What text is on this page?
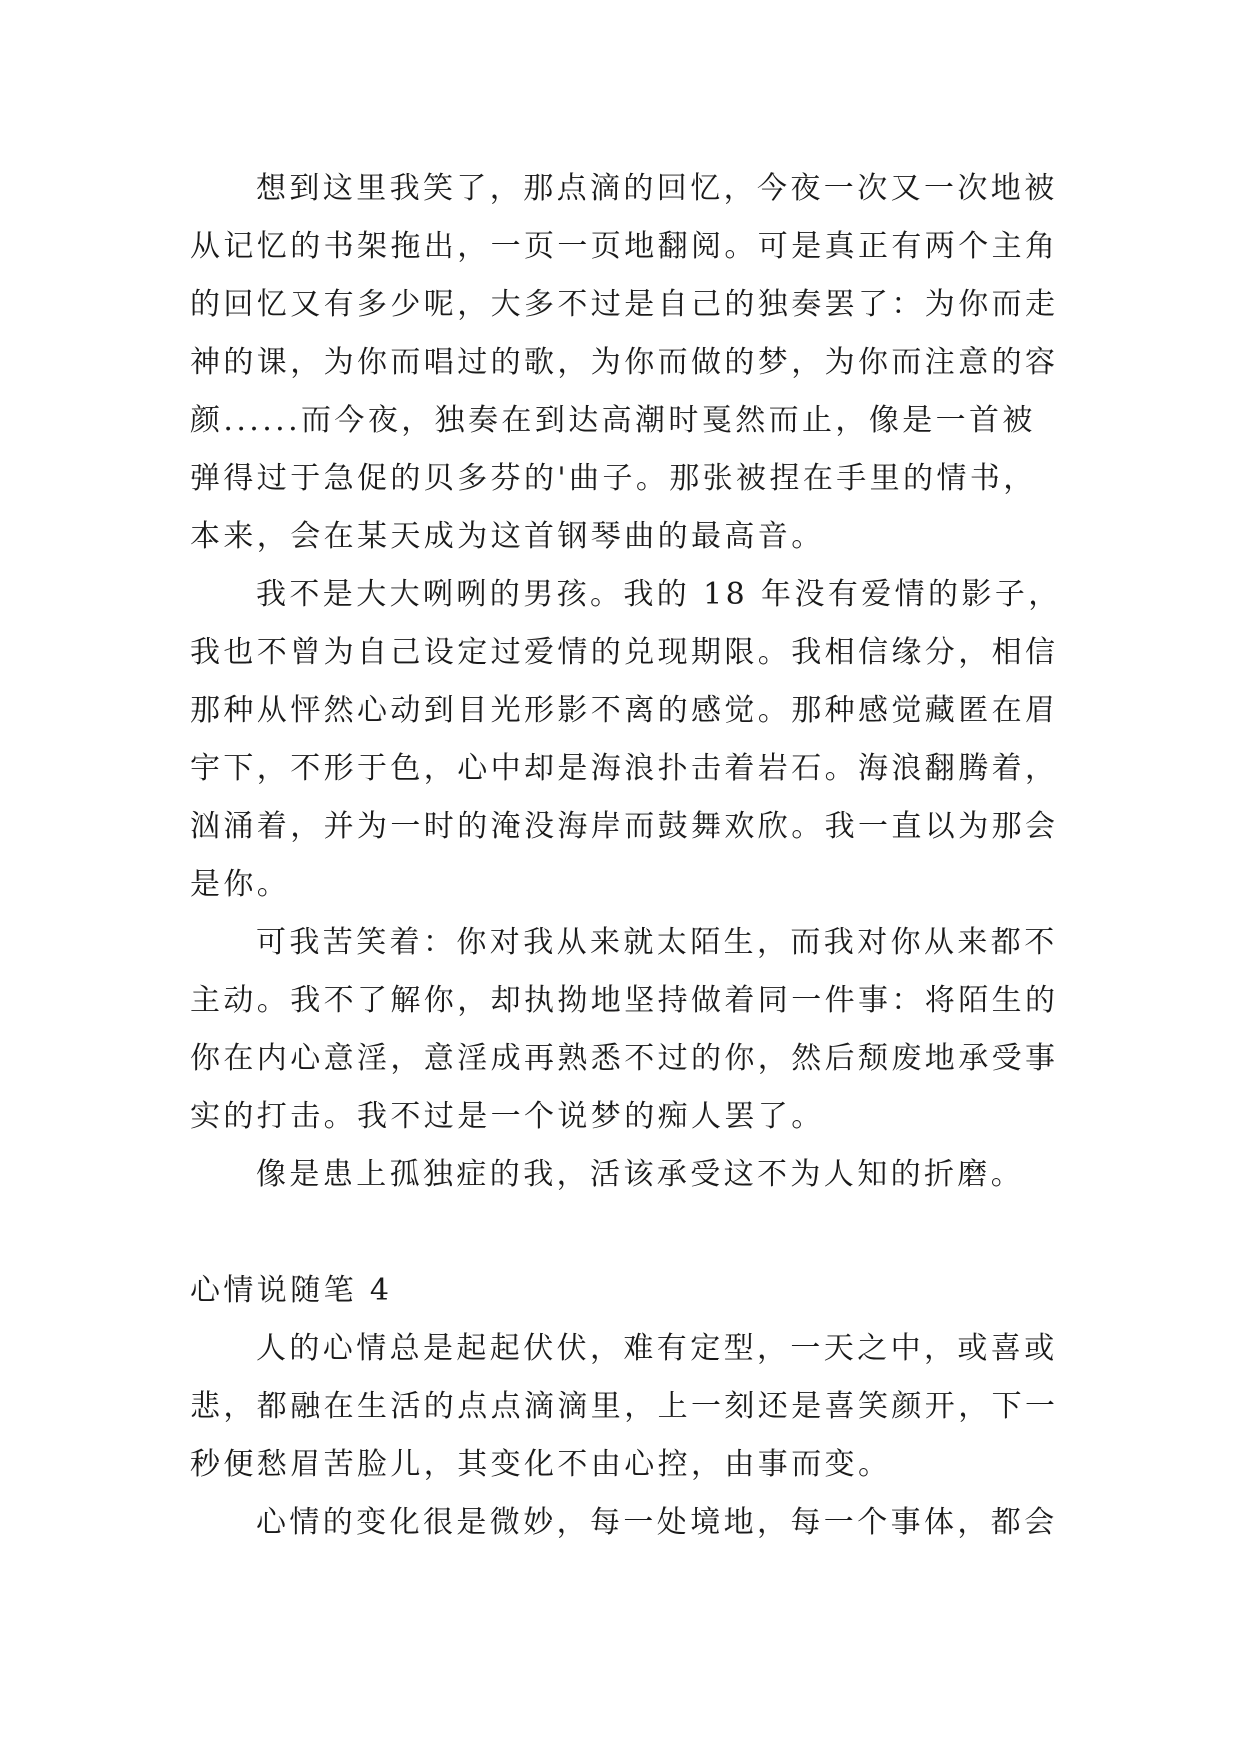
想到这里我笑了，那点滴的回忆，今夜一次又一次地被
从记忆的书架拖出，一页一页地翻阅。可是真正有两个主角
的回忆又有多少呢，大多不过是自己的独奏罢了：为你而走
神的课，为你而唱过的歌，为你而做的梦，为你而注意的容
颜......而今夜，独奏在到达高潮时戛然而止，像是一首被
弹得过于急促的贝多芬的'曲子。那张被捏在手里的情书，
本来，会在某天成为这首钢琴曲的最高音。
我不是大大咧咧的男孩。我的 18 年没有爱情的影子，
我也不曾为自己设定过爱情的兑现期限。我相信缘分，相信
那种从怦然心动到目光形影不离的感觉。那种感觉藏匿在眉
宇下，不形于色，心中却是海浪扑击着岩石。海浪翻腾着，
汹涌着，并为一时的淹没海岸而鼓舞欢欣。我一直以为那会
是你。
可我苦笑着：你对我从来就太陌生，而我对你从来都不
主动。我不了解你，却执拗地坚持做着同一件事：将陌生的
你在内心意淫，意淫成再熟悉不过的你，然后颓废地承受事
实的打击。我不过是一个说梦的痴人罢了。
像是患上孤独症的我，活该承受这不为人知的折磨。
心情说随笔 4
人的心情总是起起伏伏，难有定型，一天之中，或喜或
悲，都融在生活的点点滴滴里，上一刻还是喜笑颜开，下一
秒便愁眉苦脸儿，其变化不由心控，由事而变。
心情的变化很是微妙，每一处境地，每一个事体，都会
